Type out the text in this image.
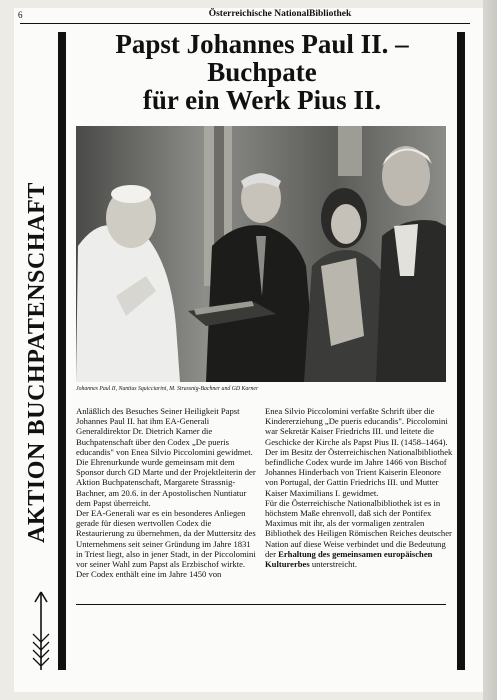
6	Österreichische NationalBibliothek
AKTION BUCHPATENSCHAFT
Papst Johannes Paul II. –
Buchpate
für ein Werk Pius II.
Johannes Paul II, Nuntius Squicciarini, M. Strassnig-Bachner und GD Karner

Anläßlich des Besuches Seiner Heiligkeit Papst Johannes Paul II. hat ihm EA-Generali Generaldirektor Dr. Dietrich Karner die Buchpatenschaft über den Codex „De pueris educandis" von Enea Silvio Piccolomini gewidmet. Die Ehrenurkunde wurde gemeinsam mit dem Sponsor durch GD Marte und der Projektleiterin der Aktion Buchpatenschaft, Margarete Strassnig-Bachner, am 20.6. in der Apostolischen Nuntiatur dem Papst überreicht.

Der EA-Generali war es ein besonderes Anliegen gerade für diesen wertvollen Codex die Restaurierung zu übernehmen, da der Muttersitz des Unternehmens seit seiner Gründung im Jahre 1831 in Triest liegt, also in jener Stadt, in der Piccolomini vor seiner Wahl zum Papst als Erzbischof wirkte.

Der Codex enthält eine im Jahre 1450 von

Enea Silvio Piccolomini verfaßte Schrift über die Kindererziehung „De pueris educandis". Piccolomini war Sekretär Kaiser Friedrichs III. und leitete die Geschicke der Kirche als Papst Pius II. (1458–1464). Der im Besitz der Österreichischen Nationalbibliothek befindliche Codex wurde im Jahre 1466 von Bischof Johannes Hinderbach von Trient Kaiserin Eleonore von Portugal, der Gattin Friedrichs III. und Mutter Kaiser Maximilians I. gewidmet.

Für die Österreichische Nationalbibliothek ist es in höchstem Maße ehrenvoll, daß sich der Pontifex Maximus mit ihr, als der vormaligen zentralen Bibliothek des Heiligen Römischen Reiches deutscher Nation auf diese Weise verbindet und die Bedeutung der Erhaltung des gemeinsamen europäischen Kulturerbes unterstreicht.
